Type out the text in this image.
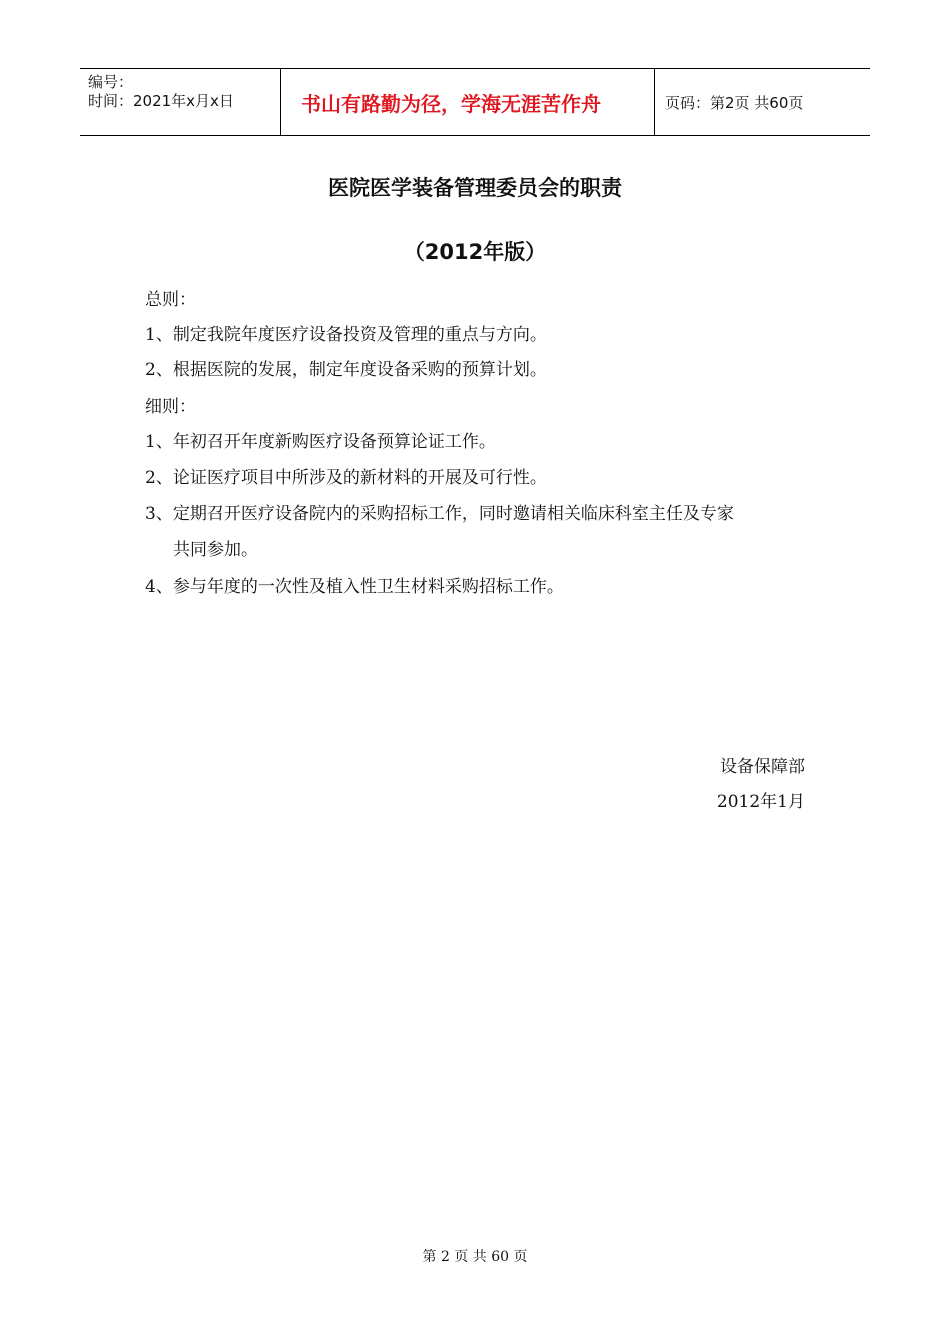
编号：
时间：2021年x月x日	书山有路勤为径，学海无涯苦作舟	页码：第2页 共60页
医院医学装备管理委员会的职责
（2012年版）
总则：
1、制定我院年度医疗设备投资及管理的重点与方向。
2、根据医院的发展，制定年度设备采购的预算计划。
细则：
1、年初召开年度新购医疗设备预算论证工作。
2、论证医疗项目中所涉及的新材料的开展及可行性。
3、定期召开医疗设备院内的采购招标工作，同时邀请相关临床科室主任及专家
共同参加。
4、参与年度的一次性及植入性卫生材料采购招标工作。
设备保障部
2012年1月
第 2 页 共 60 页
